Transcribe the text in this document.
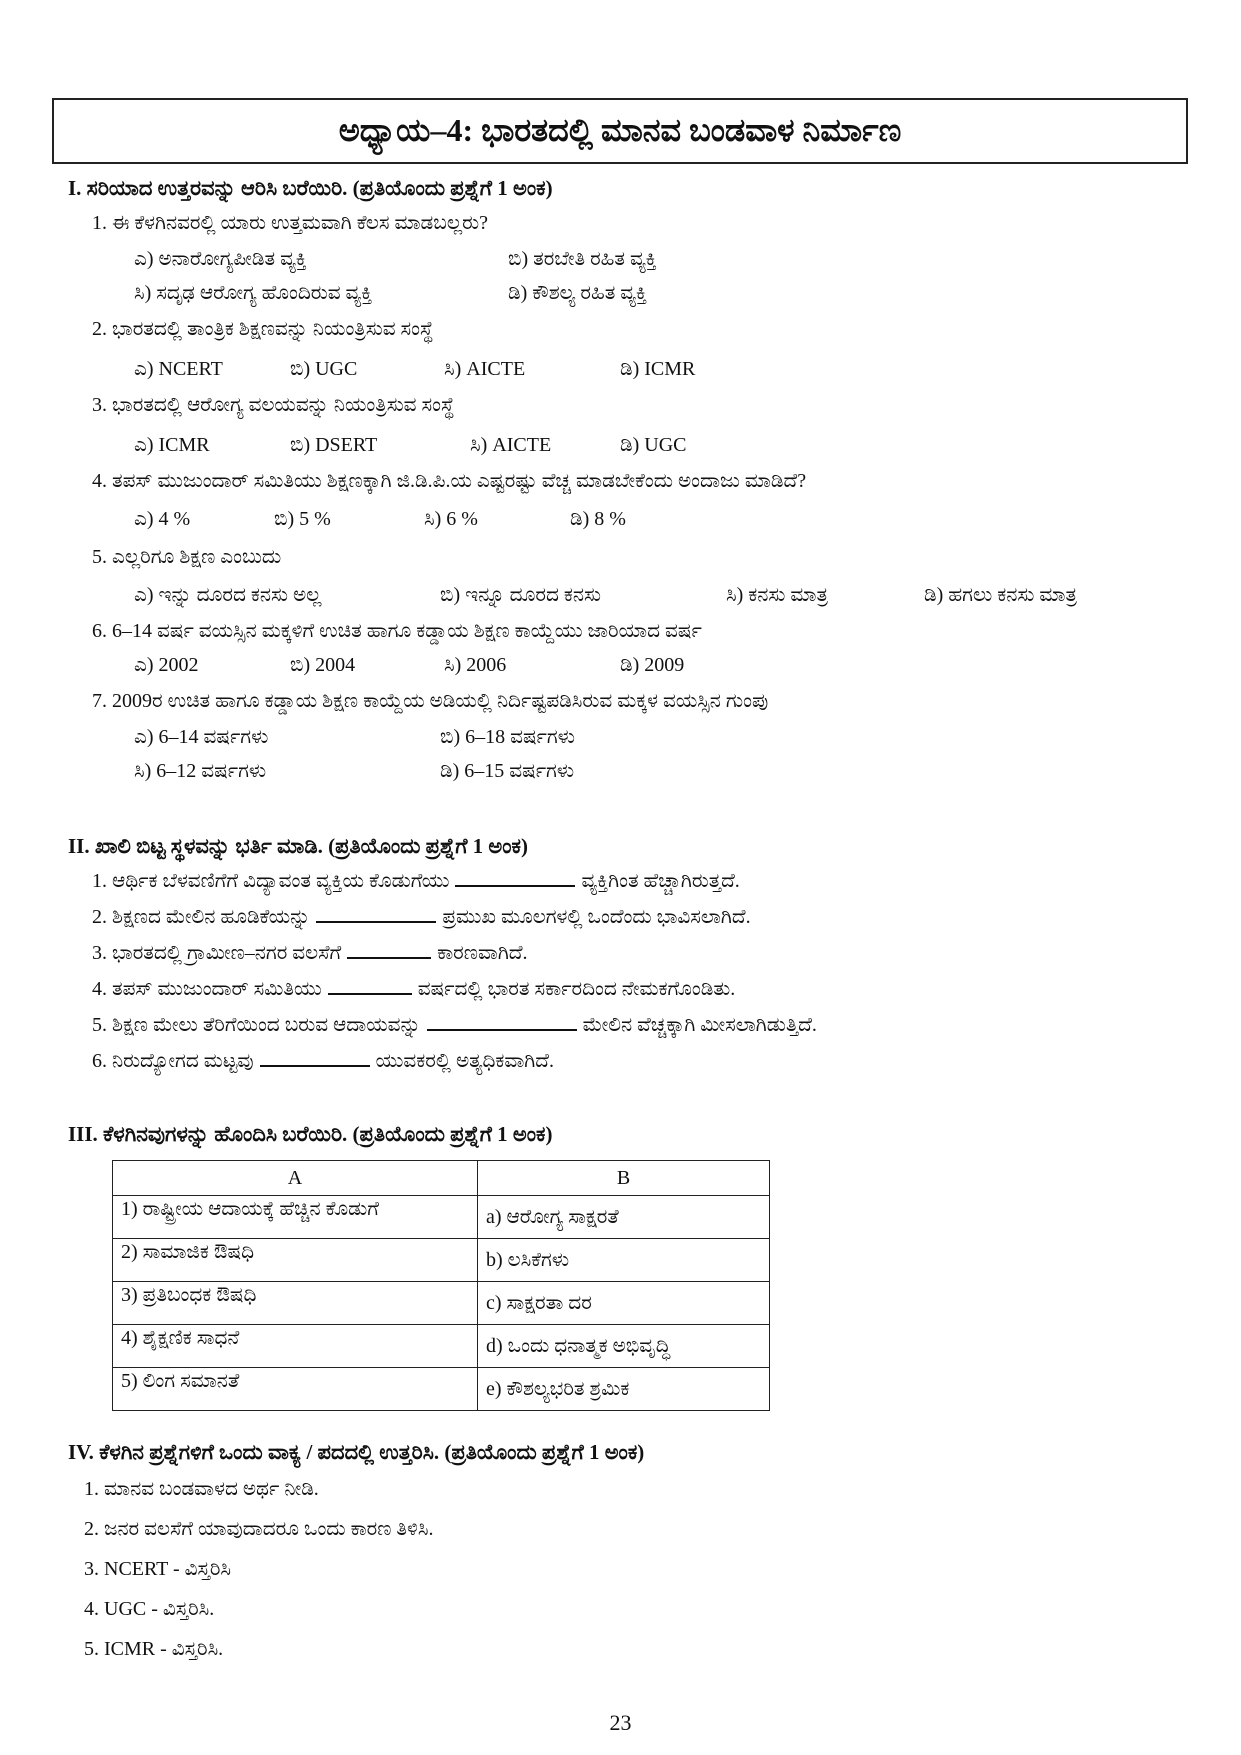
ಅಧ್ಯಾಯ–4: ಭಾರತದಲ್ಲಿ ಮಾನವ ಬಂಡವಾಳ ನಿರ್ಮಾಣ

I. ಸರಿಯಾದ ಉತ್ತರವನ್ನು ಆರಿಸಿ ಬರೆಯಿರಿ. (ಪ್ರತಿಯೊಂದು ಪ್ರಶ್ನೆಗೆ 1 ಅಂಕ)

1. ಈ ಕೆಳಗಿನವರಲ್ಲಿ ಯಾರು ಉತ್ತಮವಾಗಿ ಕೆಲಸ ಮಾಡಬಲ್ಲರು?

ಎ) ಅನಾರೋಗ್ಯಪೀಡಿತ ವ್ಯಕ್ತಿ	ಬಿ) ತರಬೇತಿ ರಹಿತ ವ್ಯಕ್ತಿ

ಸಿ) ಸದೃಢ ಆರೋಗ್ಯ ಹೊಂದಿರುವ ವ್ಯಕ್ತಿ	ಡಿ) ಕೌಶಲ್ಯ ರಹಿತ ವ್ಯಕ್ತಿ

2. ಭಾರತದಲ್ಲಿ ತಾಂತ್ರಿಕ ಶಿಕ್ಷಣವನ್ನು ನಿಯಂತ್ರಿಸುವ ಸಂಸ್ಥೆ

ಎ) NCERT	ಬಿ) UGC	ಸಿ) AICTE	ಡಿ) ICMR

3. ಭಾರತದಲ್ಲಿ ಆರೋಗ್ಯ ವಲಯವನ್ನು ನಿಯಂತ್ರಿಸುವ ಸಂಸ್ಥೆ

ಎ) ICMR	ಬಿ) DSERT	ಸಿ) AICTE	ಡಿ) UGC

4. ತಪಸ್ ಮುಜುಂದಾರ್ ಸಮಿತಿಯು ಶಿಕ್ಷಣಕ್ಕಾಗಿ ಜಿ.ಡಿ.ಪಿ.ಯ ಎಷ್ಟರಷ್ಟು ವೆಚ್ಚ ಮಾಡಬೇಕೆಂದು ಅಂದಾಜು ಮಾಡಿದೆ?

ಎ) 4 %	ಬಿ) 5 %	ಸಿ) 6 %	ಡಿ) 8 %

5. ಎಲ್ಲರಿಗೂ ಶಿಕ್ಷಣ ಎಂಬುದು

ಎ) ಇನ್ನು ದೂರದ ಕನಸು ಅಲ್ಲ	ಬಿ) ಇನ್ನೂ ದೂರದ ಕನಸು	ಸಿ) ಕನಸು ಮಾತ್ರ	ಡಿ) ಹಗಲು ಕನಸು ಮಾತ್ರ

6. 6–14 ವರ್ಷ ವಯಸ್ಸಿನ ಮಕ್ಕಳಿಗೆ ಉಚಿತ ಹಾಗೂ ಕಡ್ಡಾಯ ಶಿಕ್ಷಣ ಕಾಯ್ದೆಯು ಜಾರಿಯಾದ ವರ್ಷ

ಎ) 2002	ಬಿ) 2004	ಸಿ) 2006	ಡಿ) 2009

7. 2009ರ ಉಚಿತ ಹಾಗೂ ಕಡ್ಡಾಯ ಶಿಕ್ಷಣ ಕಾಯ್ದೆಯ ಅಡಿಯಲ್ಲಿ ನಿರ್ದಿಷ್ಟಪಡಿಸಿರುವ ಮಕ್ಕಳ ವಯಸ್ಸಿನ ಗುಂಪು

ಎ) 6–14 ವರ್ಷಗಳು	ಬಿ) 6–18 ವರ್ಷಗಳು

ಸಿ) 6–12 ವರ್ಷಗಳು	ಡಿ) 6–15 ವರ್ಷಗಳು

II. ಖಾಲಿ ಬಿಟ್ಟ ಸ್ಥಳವನ್ನು ಭರ್ತಿ ಮಾಡಿ. (ಪ್ರತಿಯೊಂದು ಪ್ರಶ್ನೆಗೆ 1 ಅಂಕ)

1. ಆರ್ಥಿಕ ಬೆಳವಣಿಗೆಗೆ ವಿದ್ಯಾವಂತ ವ್ಯಕ್ತಿಯ ಕೊಡುಗೆಯು	ವ್ಯಕ್ತಿಗಿಂತ ಹೆಚ್ಚಾಗಿರುತ್ತದೆ.

2. ಶಿಕ್ಷಣದ ಮೇಲಿನ ಹೂಡಿಕೆಯನ್ನು	ಪ್ರಮುಖ ಮೂಲಗಳಲ್ಲಿ ಒಂದೆಂದು ಭಾವಿಸಲಾಗಿದೆ.

3. ಭಾರತದಲ್ಲಿ ಗ್ರಾಮೀಣ–ನಗರ ವಲಸೆಗೆ	ಕಾರಣವಾಗಿದೆ.

4. ತಪಸ್ ಮುಜುಂದಾರ್ ಸಮಿತಿಯು	ವರ್ಷದಲ್ಲಿ ಭಾರತ ಸರ್ಕಾರದಿಂದ ನೇಮಕಗೊಂಡಿತು.

5. ಶಿಕ್ಷಣ ಮೇಲು ತೆರಿಗೆಯಿಂದ ಬರುವ ಆದಾಯವನ್ನು	ಮೇಲಿನ ವೆಚ್ಚಕ್ಕಾಗಿ ಮೀಸಲಾಗಿಡುತ್ತಿದೆ.

6. ನಿರುದ್ಯೋಗದ ಮಟ್ಟವು	ಯುವಕರಲ್ಲಿ ಅತ್ಯಧಿಕವಾಗಿದೆ.

III. ಕೆಳಗಿನವುಗಳನ್ನು ಹೊಂದಿಸಿ ಬರೆಯಿರಿ. (ಪ್ರತಿಯೊಂದು ಪ್ರಶ್ನೆಗೆ 1 ಅಂಕ)

A	B
1) ರಾಷ್ಟ್ರೀಯ ಆದಾಯಕ್ಕೆ ಹೆಚ್ಚಿನ ಕೊಡುಗೆ	a) ಆರೋಗ್ಯ ಸಾಕ್ಷರತೆ
2) ಸಾಮಾಜಿಕ ಔಷಧಿ	b) ಲಸಿಕೆಗಳು
3) ಪ್ರತಿಬಂಧಕ ಔಷಧಿ	c) ಸಾಕ್ಷರತಾ ದರ
4) ಶೈಕ್ಷಣಿಕ ಸಾಧನೆ	d) ಒಂದು ಧನಾತ್ಮಕ ಅಭಿವೃದ್ಧಿ
5) ಲಿಂಗ ಸಮಾನತೆ	e) ಕೌಶಲ್ಯಭರಿತ ಶ್ರಮಿಕ

IV. ಕೆಳಗಿನ ಪ್ರಶ್ನೆಗಳಿಗೆ ಒಂದು ವಾಕ್ಯ / ಪದದಲ್ಲಿ ಉತ್ತರಿಸಿ. (ಪ್ರತಿಯೊಂದು ಪ್ರಶ್ನೆಗೆ 1 ಅಂಕ)

1. ಮಾನವ ಬಂಡವಾಳದ ಅರ್ಥ ನೀಡಿ.

2. ಜನರ ವಲಸೆಗೆ ಯಾವುದಾದರೂ ಒಂದು ಕಾರಣ ತಿಳಿಸಿ.

3. NCERT - ವಿಸ್ತರಿಸಿ

4. UGC - ವಿಸ್ತರಿಸಿ.

5. ICMR - ವಿಸ್ತರಿಸಿ.

23
